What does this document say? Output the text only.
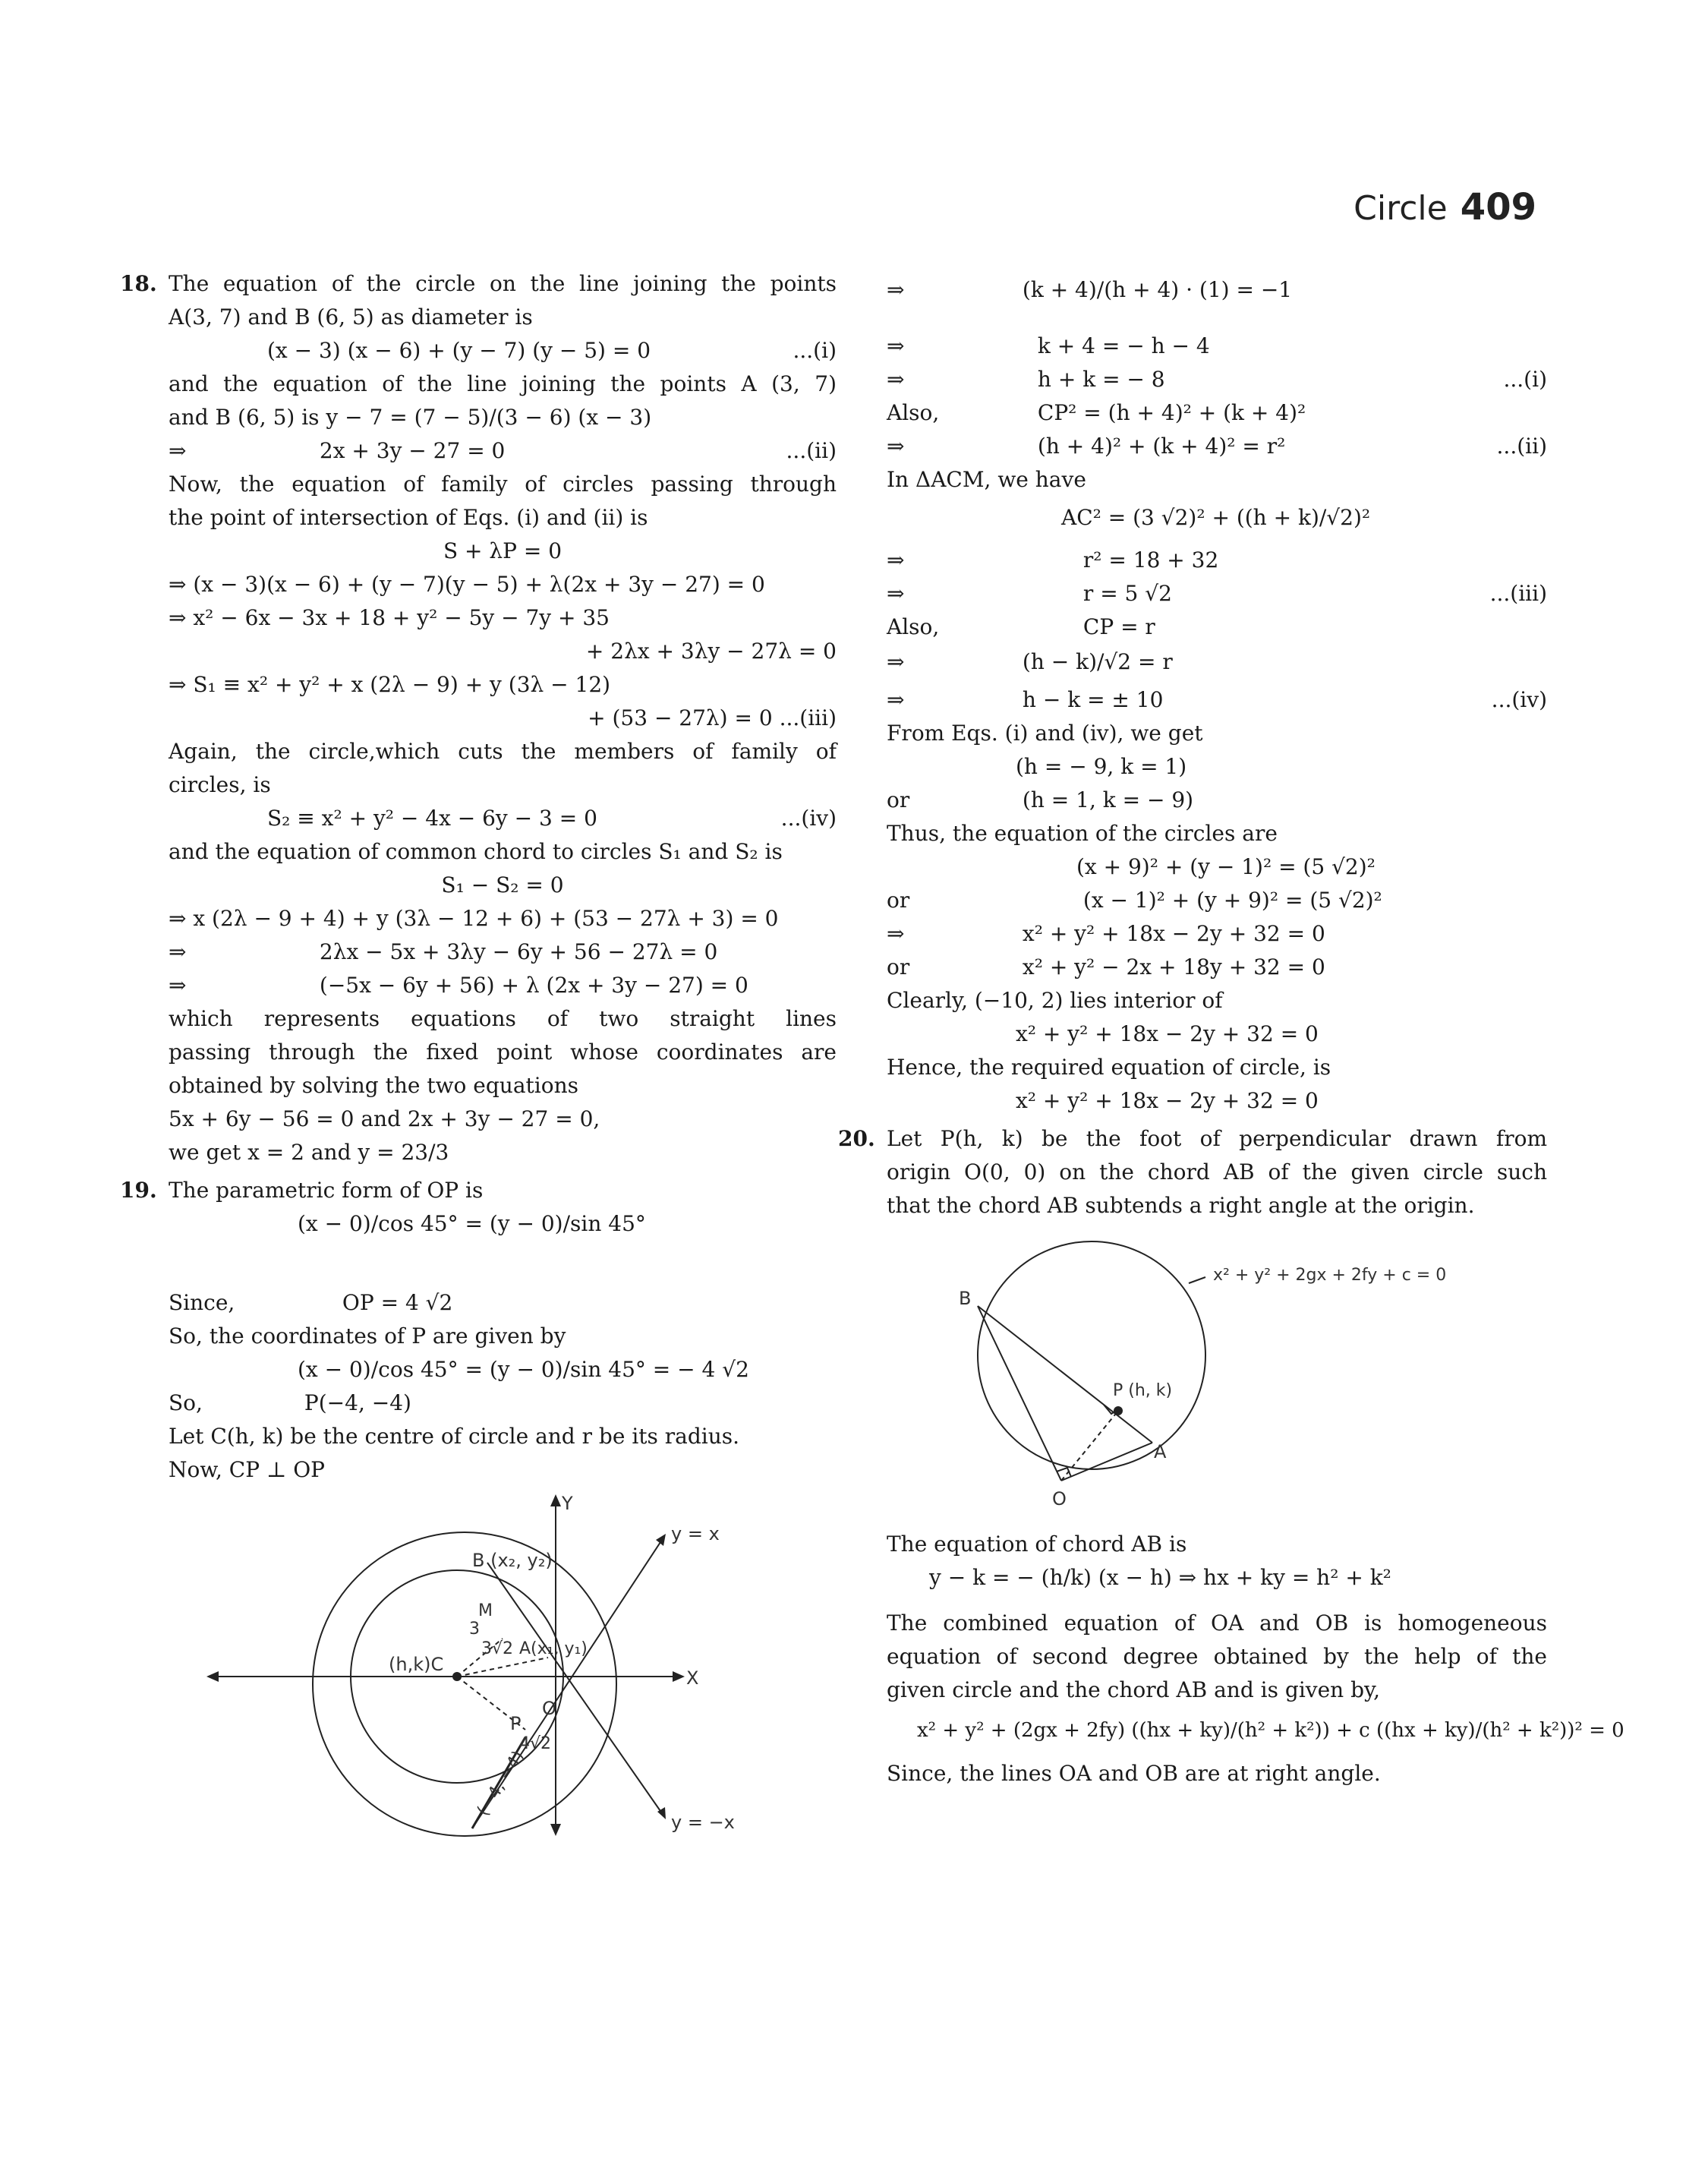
Circle 409
18. The equation of the circle on the line joining the points
A(3, 7) and B (6, 5) as diameter is
(x − 3) (x − 6) + (y − 7) (y − 5) = 0	...(i)
and the equation of the line joining the points A (3, 7)
and B (6, 5) is y − 7 = (7 − 5)/(3 − 6) (x − 3)
⇒	2x + 3y − 27 = 0	...(ii)
Now, the equation of family of circles passing through
the point of intersection of Eqs. (i) and (ii) is
S + λP = 0
⇒ (x − 3)(x − 6) + (y − 7)(y − 5) + λ(2x + 3y − 27) = 0
⇒ x² − 6x − 3x + 18 + y² − 5y − 7y + 35
+ 2λx + 3λy − 27λ = 0
⇒ S₁ ≡ x² + y² + x (2λ − 9) + y (3λ − 12)
+ (53 − 27λ) = 0 ...(iii)
Again, the circle,which cuts the members of family of
circles, is
S₂ ≡ x² + y² − 4x − 6y − 3 = 0	...(iv)
and the equation of common chord to circles S₁ and S₂ is
S₁ − S₂ = 0
⇒ x (2λ − 9 + 4) + y (3λ − 12 + 6) + (53 − 27λ + 3) = 0
⇒	2λx − 5x + 3λy − 6y + 56 − 27λ = 0
⇒	(−5x − 6y + 56) + λ (2x + 3y − 27) = 0
which represents equations of two straight lines
passing through the fixed point whose coordinates are
obtained by solving the two equations
5x + 6y − 56 = 0 and 2x + 3y − 27 = 0,
we get x = 2 and y = 23/3
19. The parametric form of OP is
(x − 0)/cos 45° = (y − 0)/sin 45°
Since,	OP = 4 √2
So, the coordinates of P are given by
(x − 0)/cos 45° = (y − 0)/sin 45° = − 4 √2
So,	P(−4, −4)
Let C(h, k) be the centre of circle and r be its radius.
Now, CP ⊥ OP
Y
X
y = x
y = −x
B (x₂, y₂)
M
3
3√2 A(x₁, y₁)
(h,k)C
P
O
4√2
(−4, −4)
⇒	(k + 4)/(h + 4) · (1) = −1
⇒	k + 4 = − h − 4
⇒	h + k = − 8	...(i)
Also,	CP² = (h + 4)² + (k + 4)²
⇒	(h + 4)² + (k + 4)² = r²	...(ii)
In ΔACM, we have
AC² = (3 √2)² + ((h + k)/√2)²
⇒	r² = 18 + 32
⇒	r = 5 √2	...(iii)
Also,	CP = r
⇒	(h − k)/√2 = r
⇒	h − k = ± 10	...(iv)
From Eqs. (i) and (iv), we get
(h = − 9, k = 1)
or	(h = 1, k = − 9)
Thus, the equation of the circles are
(x + 9)² + (y − 1)² = (5 √2)²
or	(x − 1)² + (y + 9)² = (5 √2)²
⇒	x² + y² + 18x − 2y + 32 = 0
or	x² + y² − 2x + 18y + 32 = 0
Clearly, (−10, 2) lies interior of
x² + y² + 18x − 2y + 32 = 0
Hence, the required equation of circle, is
x² + y² + 18x − 2y + 32 = 0
20. Let P(h, k) be the foot of perpendicular drawn from
origin O(0, 0) on the chord AB of the given circle such
that the chord AB subtends a right angle at the origin.
x² + y² + 2gx + 2fy + c = 0
B
P (h, k)
A
O
The equation of chord AB is
y − k = − (h/k) (x − h) ⇒ hx + ky = h² + k²
The combined equation of OA and OB is homogeneous
equation of second degree obtained by the help of the
given circle and the chord AB and is given by,
x² + y² + (2gx + 2fy) ((hx + ky)/(h² + k²)) + c ((hx + ky)/(h² + k²))² = 0
Since, the lines OA and OB are at right angle.
